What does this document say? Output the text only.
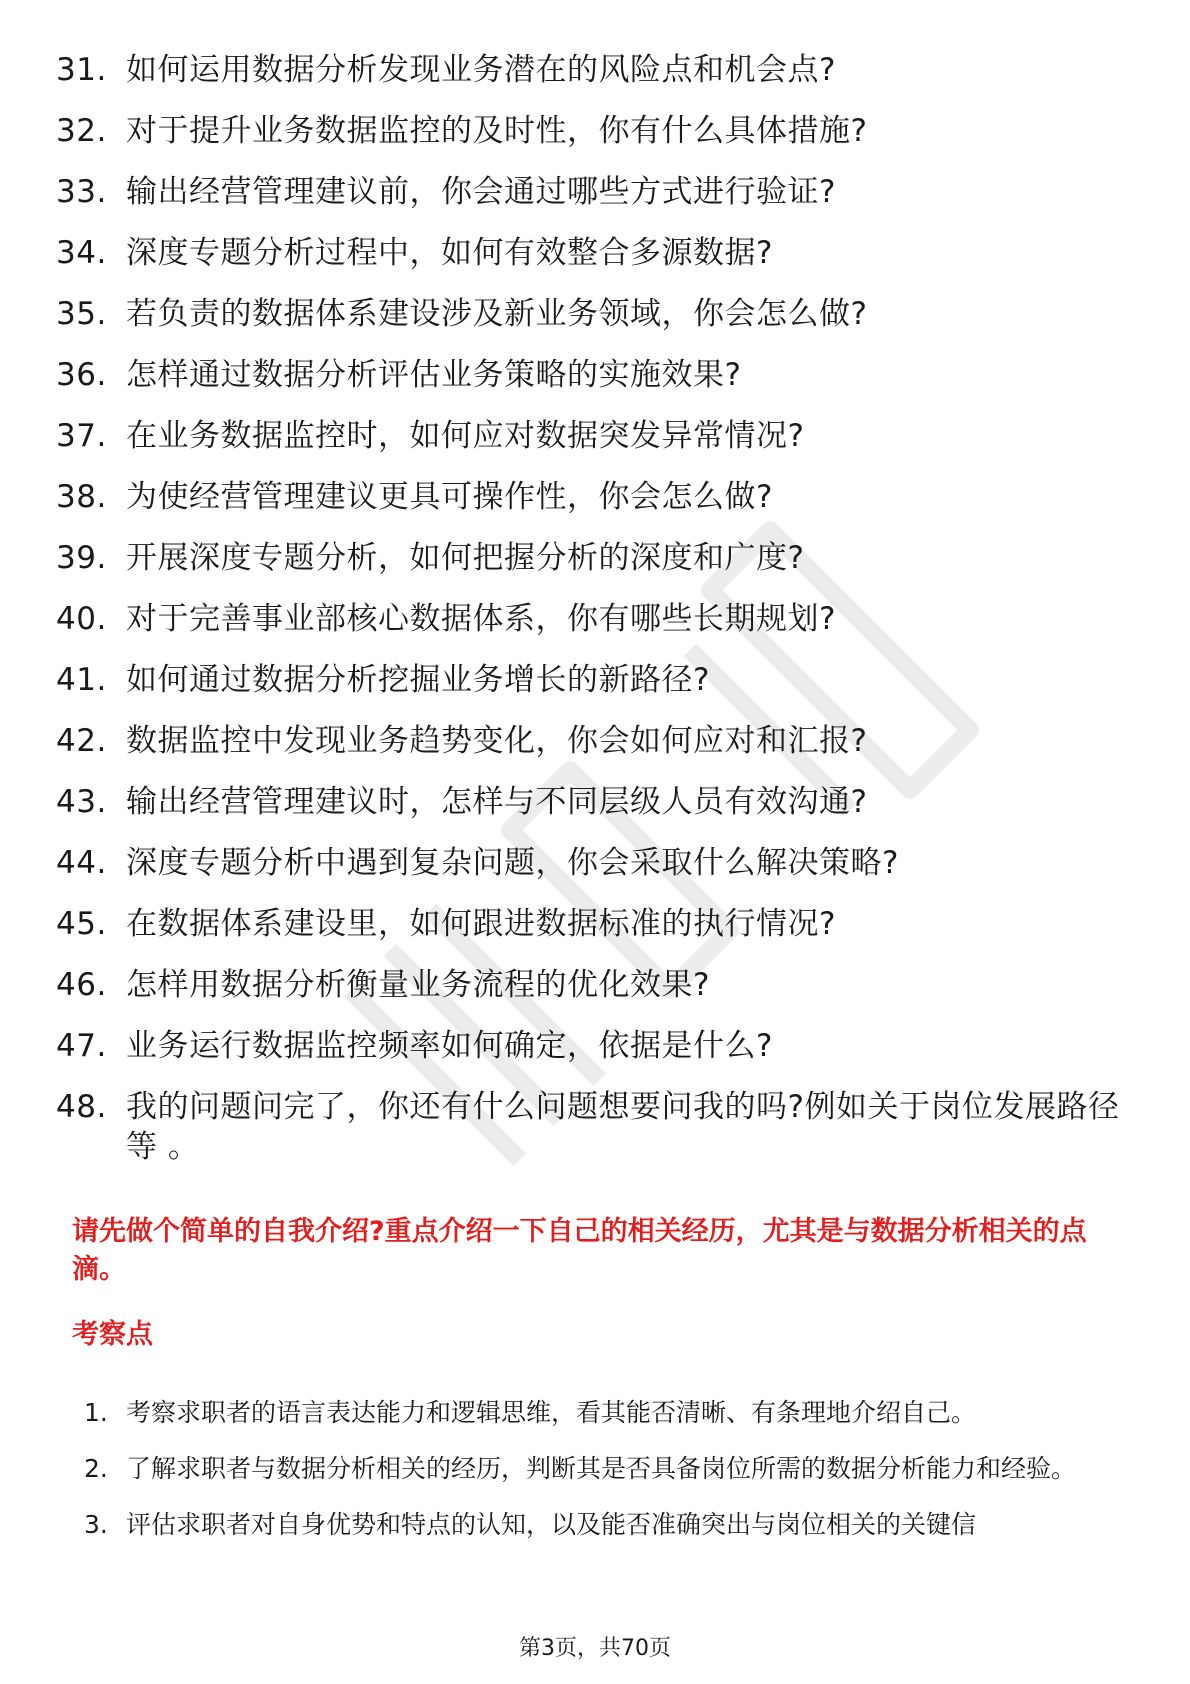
31. 如何运用数据分析发现业务潜在的风险点和机会点?
32. 对于提升业务数据监控的及时性，你有什么具体措施?
33. 输出经营管理建议前，你会通过哪些方式进行验证?
34. 深度专题分析过程中，如何有效整合多源数据?
35. 若负责的数据体系建设涉及新业务领域，你会怎么做?
36. 怎样通过数据分析评估业务策略的实施效果?
37. 在业务数据监控时，如何应对数据突发异常情况?
38. 为使经营管理建议更具可操作性，你会怎么做?
39. 开展深度专题分析，如何把握分析的深度和广度?
40. 对于完善事业部核心数据体系，你有哪些长期规划?
41. 如何通过数据分析挖掘业务增长的新路径?
42. 数据监控中发现业务趋势变化，你会如何应对和汇报?
43. 输出经营管理建议时，怎样与不同层级人员有效沟通?
44. 深度专题分析中遇到复杂问题，你会采取什么解决策略?
45. 在数据体系建设里，如何跟进数据标准的执行情况?
46. 怎样用数据分析衡量业务流程的优化效果?
47. 业务运行数据监控频率如何确定，依据是什么?
48. 我的问题问完了，你还有什么问题想要问我的吗?例如关于岗位发展路径等 。

请先做个简单的自我介绍?重点介绍一下自己的相关经历，尤其是与数据分析相关的点滴。

考察点

1. 考察求职者的语言表达能力和逻辑思维，看其能否清晰、有条理地介绍自己。
2. 了解求职者与数据分析相关的经历，判断其是否具备岗位所需的数据分析能力和经验。
3. 评估求职者对自身优势和特点的认知，以及能否准确突出与岗位相关的关键信
第3页，共70页
